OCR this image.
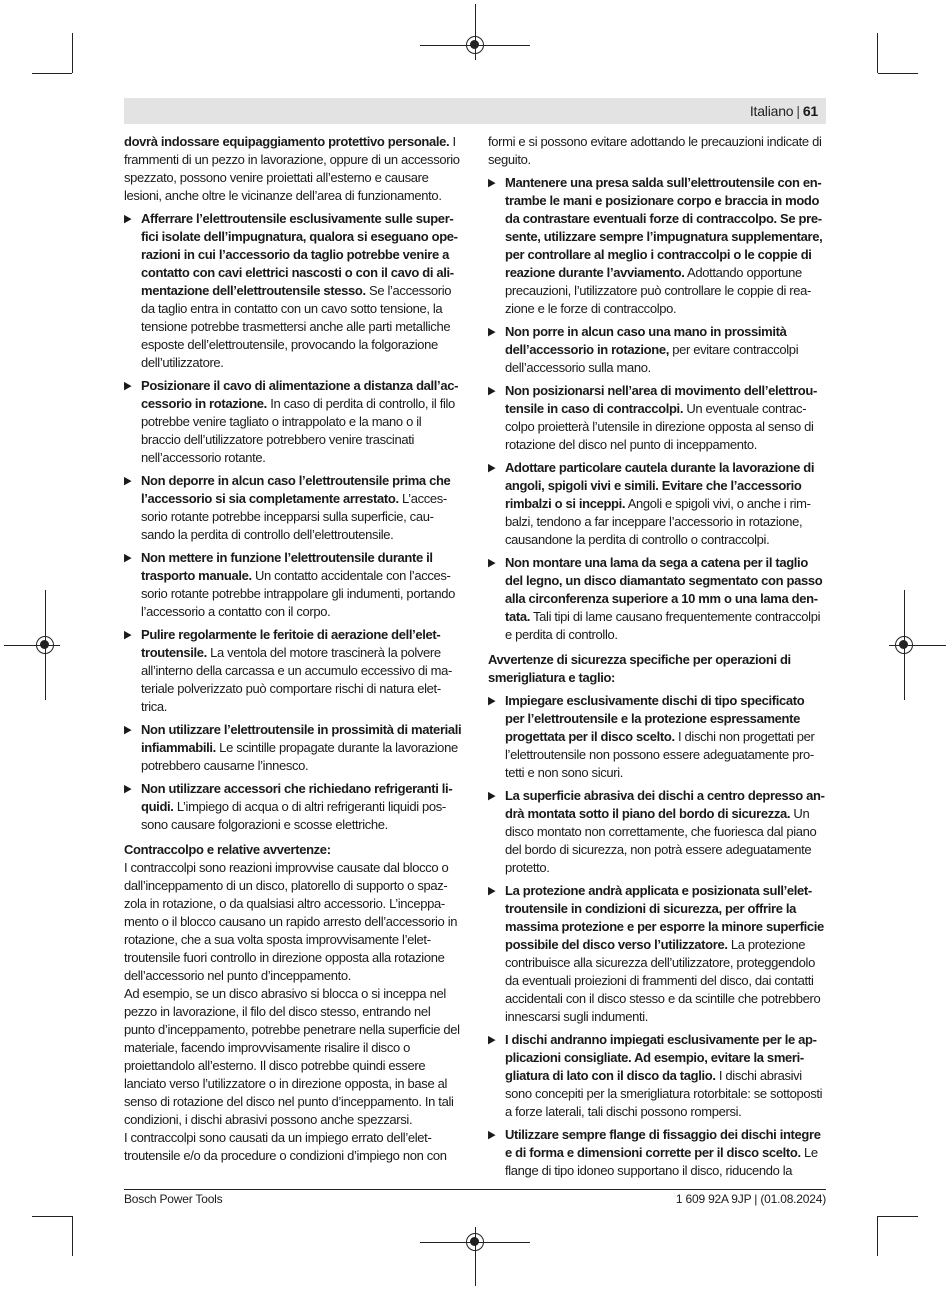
Italiano | 61

dovrà indossare equipaggiamento protettivo personale. I frammenti di un pezzo in lavorazione, oppure di un accessorio spezzato, possono venire proiettati all’esterno e causare lesioni, anche oltre le vicinanze dell’area di funzionamento.

▶ Afferrare l’elettroutensile esclusivamente sulle superfici isolate dell’impugnatura, qualora si eseguano operazioni in cui l’accessorio da taglio potrebbe venire a contatto con cavi elettrici nascosti o con il cavo di alimentazione dell’elettroutensile stesso. Se l’accessorio da taglio entra in contatto con un cavo sotto tensione, la tensione potrebbe trasmettersi anche alle parti metalliche esposte dell’elettroutensile, provocando la folgorazione dell’utilizzatore.
▶ Posizionare il cavo di alimentazione a distanza dall’accessorio in rotazione. In caso di perdita di controllo, il filo potrebbe venire tagliato o intrappolato e la mano o il braccio dell’utilizzatore potrebbero venire trascinati nell’accessorio rotante.
▶ Non deporre in alcun caso l’elettroutensile prima che l’accessorio si sia completamente arrestato. L’accessorio rotante potrebbe incepparsi sulla superficie, causando la perdita di controllo dell’elettroutensile.
▶ Non mettere in funzione l’elettroutensile durante il trasporto manuale. Un contatto accidentale con l’accessorio rotante potrebbe intrappolare gli indumenti, portando l’accessorio a contatto con il corpo.
▶ Pulire regolarmente le feritoie di aerazione dell’elettroutensile. La ventola del motore trascinerà la polvere all’interno della carcassa e un accumulo eccessivo di materiale polverizzato può comportare rischi di natura elettrica.
▶ Non utilizzare l’elettroutensile in prossimità di materiali infiammabili. Le scintille propagate durante la lavorazione potrebbero causarne l’innesco.
▶ Non utilizzare accessori che richiedano refrigeranti liquidi. L’impiego di acqua o di altri refrigeranti liquidi possono causare folgorazioni e scosse elettriche.

Contraccolpo e relative avvertenze:

I contraccolpi sono reazioni improvvise causate dal blocco o dall’inceppamento di un disco, platorello di supporto o spazzola in rotazione, o da qualsiasi altro accessorio. L’inceppamento o il blocco causano un rapido arresto dell’accessorio in rotazione, che a sua volta sposta improvvisamente l’elettroutensile fuori controllo in direzione opposta alla rotazione dell’accessorio nel punto d’inceppamento.

Ad esempio, se un disco abrasivo si blocca o si inceppa nel pezzo in lavorazione, il filo del disco stesso, entrando nel punto d’inceppamento, potrebbe penetrare nella superficie del materiale, facendo improvvisamente risalire il disco o proiettandolo all’esterno. Il disco potrebbe quindi essere lanciato verso l’utilizzatore o in direzione opposta, in base al senso di rotazione del disco nel punto d’inceppamento. In tali condizioni, i dischi abrasivi possono anche spezzarsi.

I contraccolpi sono causati da un impiego errato dell’elettroutensile e/o da procedure o condizioni d’impiego non con

formi e si possono evitare adottando le precauzioni indicate di seguito.

▶ Mantenere una presa salda sull’elettroutensile con entrambe le mani e posizionare corpo e braccia in modo da contrastare eventuali forze di contraccolpo. Se presente, utilizzare sempre l’impugnatura supplementare, per controllare al meglio i contraccolpi o le coppie di reazione durante l’avviamento. Adottando opportune precauzioni, l’utilizzatore può controllare le coppie di reazione e le forze di contraccolpo.
▶ Non porre in alcun caso una mano in prossimità dell’accessorio in rotazione, per evitare contraccolpi dell’accessorio sulla mano.
▶ Non posizionarsi nell’area di movimento dell’elettroutensile in caso di contraccolpi. Un eventuale contraccolpo proietterà l’utensile in direzione opposta al senso di rotazione del disco nel punto di inceppamento.
▶ Adottare particolare cautela durante la lavorazione di angoli, spigoli vivi e simili. Evitare che l’accessorio rimbalzi o si inceppi. Angoli e spigoli vivi, o anche i rimbalzi, tendono a far inceppare l’accessorio in rotazione, causandone la perdita di controllo o contraccolpi.
▶ Non montare una lama da sega a catena per il taglio del legno, un disco diamantato segmentato con passo alla circonferenza superiore a 10 mm o una lama dentata. Tali tipi di lame causano frequentemente contraccolpi e perdita di controllo.

Avvertenze di sicurezza specifiche per operazioni di smerigliatura e taglio:

▶ Impiegare esclusivamente dischi di tipo specificato per l’elettroutensile e la protezione espressamente progettata per il disco scelto. I dischi non progettati per l’elettroutensile non possono essere adeguatamente protetti e non sono sicuri.
▶ La superficie abrasiva dei dischi a centro depresso andrà montata sotto il piano del bordo di sicurezza. Un disco montato non correttamente, che fuoriesca dal piano del bordo di sicurezza, non potrà essere adeguatamente protetto.
▶ La protezione andrà applicata e posizionata sull’elettroutensile in condizioni di sicurezza, per offrire la massima protezione e per esporre la minore superficie possibile del disco verso l’utilizzatore. La protezione contribuisce alla sicurezza dell’utilizzatore, proteggendolo da eventuali proiezioni di frammenti del disco, dai contatti accidentali con il disco stesso e da scintille che potrebbero innescarsi sugli indumenti.
▶ I dischi andranno impiegati esclusivamente per le applicazioni consigliate. Ad esempio, evitare la smerigliatura di lato con il disco da taglio. I dischi abrasivi sono concepiti per la smerigliatura rotorbitale: se sottoposti a forze laterali, tali dischi possono rompersi.
▶ Utilizzare sempre flange di fissaggio dei dischi integre e di forma e dimensioni corrette per il disco scelto. Le flange di tipo idoneo supportano il disco, riducendo la
Bosch Power Tools	1 609 92A 9JP | (01.08.2024)
